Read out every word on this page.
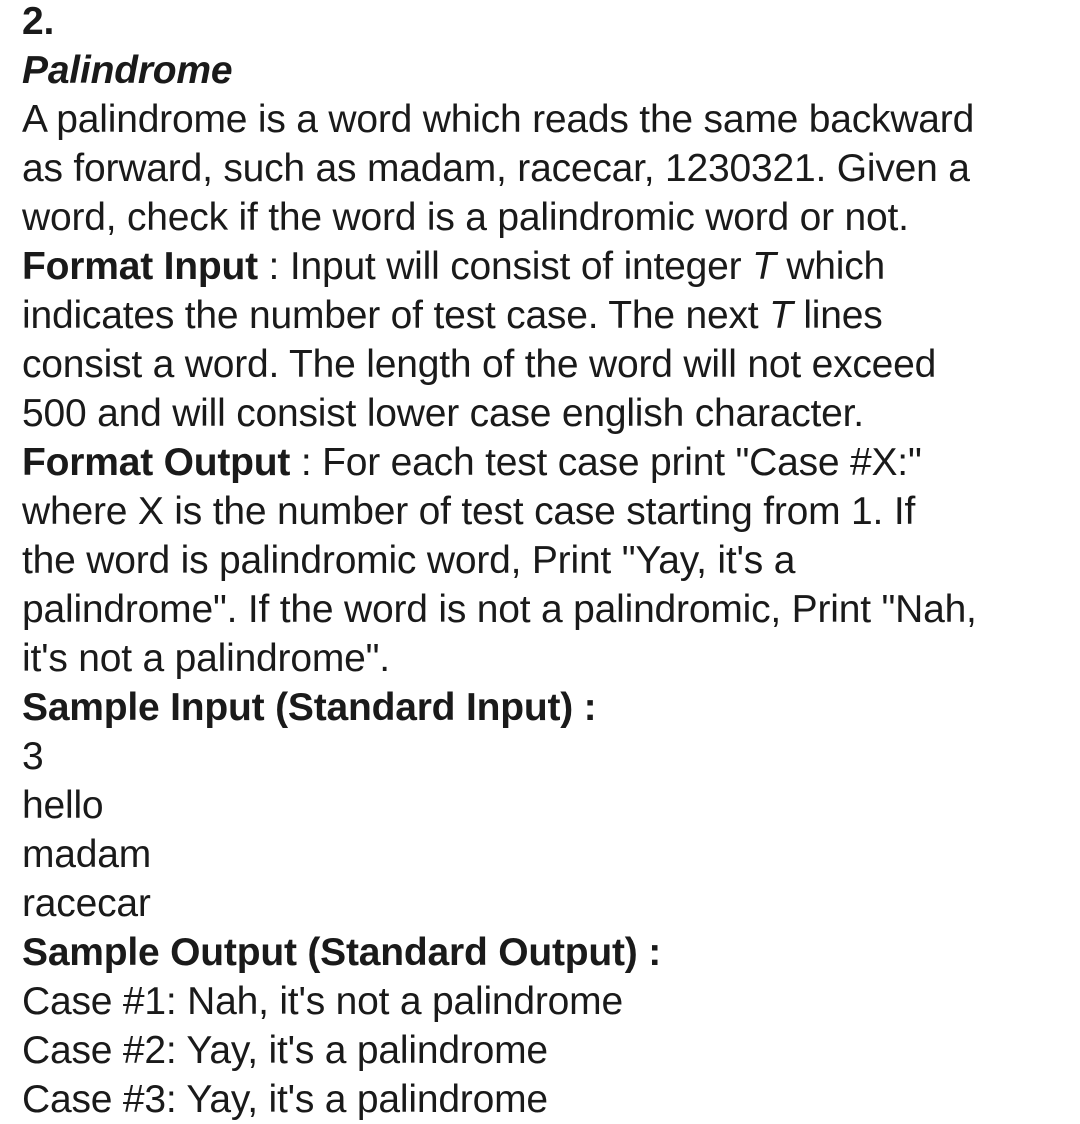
2.
Palindrome
A palindrome is a word which reads the same backward
as forward, such as madam, racecar, 1230321. Given a
word, check if the word is a palindromic word or not.
Format Input : Input will consist of integer T which
indicates the number of test case. The next T lines
consist a word. The length of the word will not exceed
500 and will consist lower case english character.
Format Output : For each test case print "Case #X:"
where X is the number of test case starting from 1. If
the word is palindromic word, Print "Yay, it's a
palindrome". If the word is not a palindromic, Print "Nah,
it's not a palindrome".
Sample Input (Standard Input) :
3
hello
madam
racecar
Sample Output (Standard Output) :
Case #1: Nah, it's not a palindrome
Case #2: Yay, it's a palindrome
Case #3: Yay, it's a palindrome
